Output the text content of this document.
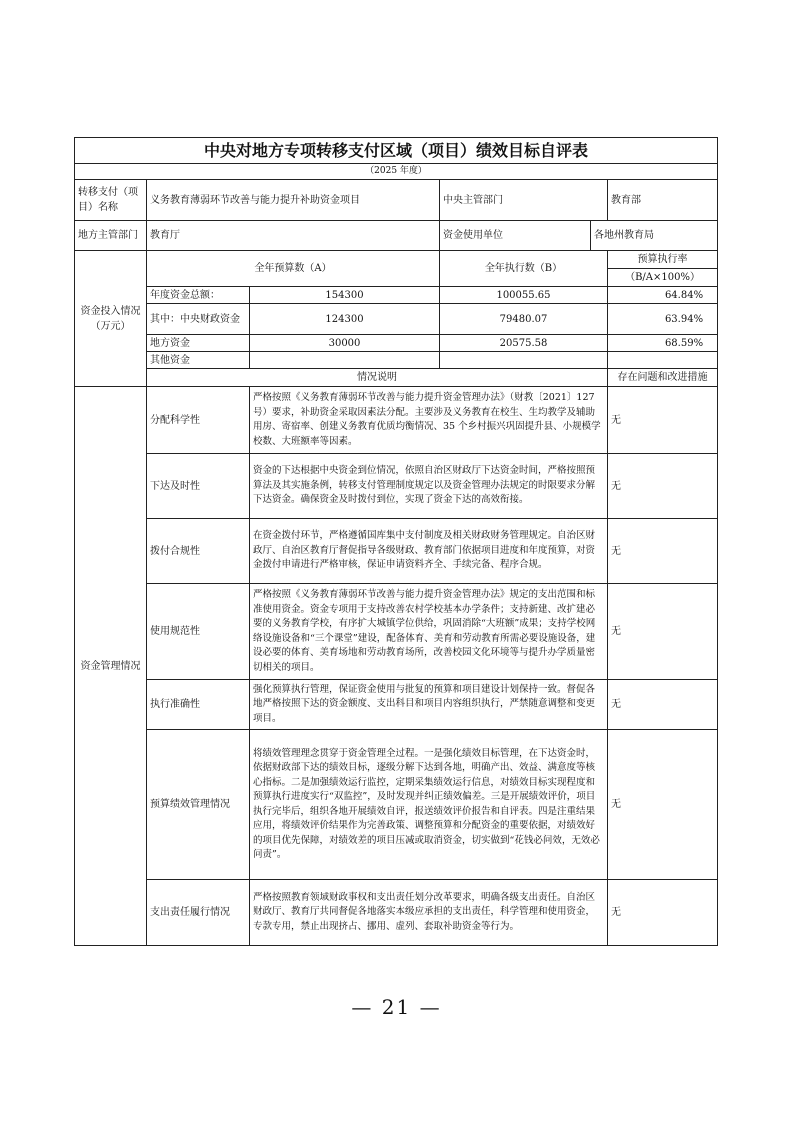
中央对地方专项转移支付区域（项目）绩效目标自评表					
（2025 年度）					
转移支付（项目）名称	义务教育薄弱环节改善与能力提升补助资金项目		中央主管部门		教育部
地方主管部门	教育厅		资金使用单位	各地州教育局	
资金投入情况（万元）	全年预算数（A）		全年执行数（B）		预算执行率
					（B/A×100%）
	年度资金总额：	154300	100055.65		64.84%
	其中：中央财政资金	124300	79480.07		63.94%
	地方资金	30000	20575.58		68.59%
	其他资金				
	情况说明				存在问题和改进措施
资金管理情况	分配科学性	严格按照《义务教育薄弱环节改善与能力提升资金管理办法》（财教〔2021〕127 号）要求，补助资金采取因素法分配。主要涉及义务教育在校生、生均教学及辅助用房、寄宿率、创建义务教育优质均衡情况、35 个乡村振兴巩固提升县、小规模学校数、大班额率等因素。			无
	下达及时性	资金的下达根据中央资金到位情况，依照自治区财政厅下达资金时间，严格按照预算法及其实施条例，转移支付管理制度规定以及资金管理办法规定的时限要求分解下达资金。确保资金及时拨付到位，实现了资金下达的高效衔接。			无
	拨付合规性	在资金拨付环节，严格遵循国库集中支付制度及相关财政财务管理规定。自治区财政厅、自治区教育厅督促指导各级财政、教育部门依据项目进度和年度预算，对资金拨付申请进行严格审核，保证申请资料齐全、手续完备、程序合规。			无
	使用规范性	严格按照《义务教育薄弱环节改善与能力提升资金管理办法》规定的支出范围和标准使用资金。资金专项用于支持改善农村学校基本办学条件；支持新建、改扩建必要的义务教育学校，有序扩大城镇学位供给，巩固消除“大班额”成果；支持学校网络设施设备和“三个课堂”建设，配备体育、美育和劳动教育所需必要设施设备，建设必要的体育、美育场地和劳动教育场所，改善校园文化环境等与提升办学质量密切相关的项目。			无
	执行准确性	强化预算执行管理，保证资金使用与批复的预算和项目建设计划保持一致。督促各地严格按照下达的资金额度、支出科目和项目内容组织执行，严禁随意调整和变更项目。			无
	预算绩效管理情况	将绩效管理理念贯穿于资金管理全过程。一是强化绩效目标管理，在下达资金时，依据财政部下达的绩效目标，逐级分解下达到各地，明确产出、效益、满意度等核心指标。二是加强绩效运行监控，定期采集绩效运行信息，对绩效目标实现程度和预算执行进度实行“双监控”，及时发现并纠正绩效偏差。三是开展绩效评价，项目执行完毕后，组织各地开展绩效自评，报送绩效评价报告和自评表。四是注重结果应用，将绩效评价结果作为完善政策、调整预算和分配资金的重要依据，对绩效好的项目优先保障，对绩效差的项目压减或取消资金，切实做到“花钱必问效，无效必问责”。			无
	支出责任履行情况	严格按照教育领域财政事权和支出责任划分改革要求，明确各级支出责任。自治区财政厅、教育厅共同督促各地落实本级应承担的支出责任，科学管理和使用资金，专款专用，禁止出现挤占、挪用、虚列、套取补助资金等行为。			无
— 21 —
